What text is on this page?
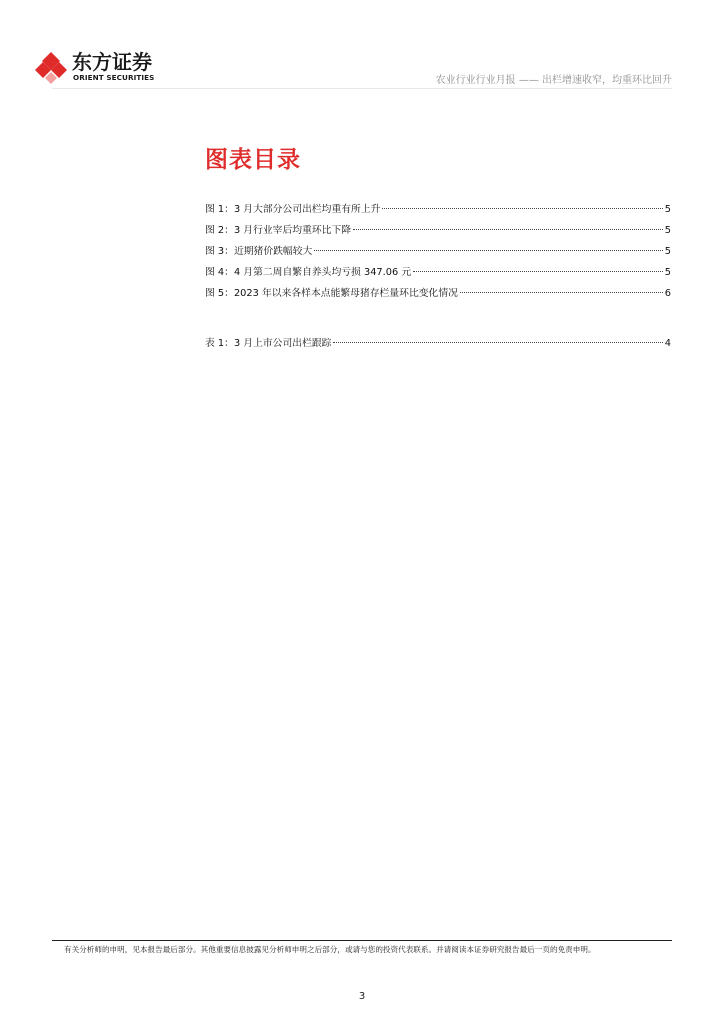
东方证券
ORIENT SECURITIES	农业行业行业月报 —— 出栏增速收窄，均重环比回升
图表目录
图 1：3 月大部分公司出栏均重有所上升	5
图 2：3 月行业宰后均重环比下降	5
图 3：近期猪价跌幅较大	5
图 4：4 月第二周自繁自养头均亏损 347.06 元	5
图 5：2023 年以来各样本点能繁母猪存栏量环比变化情况	6
表 1：3 月上市公司出栏跟踪	4
有关分析师的申明，见本报告最后部分。其他重要信息披露见分析师申明之后部分，或请与您的投资代表联系。并请阅读本证券研究报告最后一页的免责申明。
3
